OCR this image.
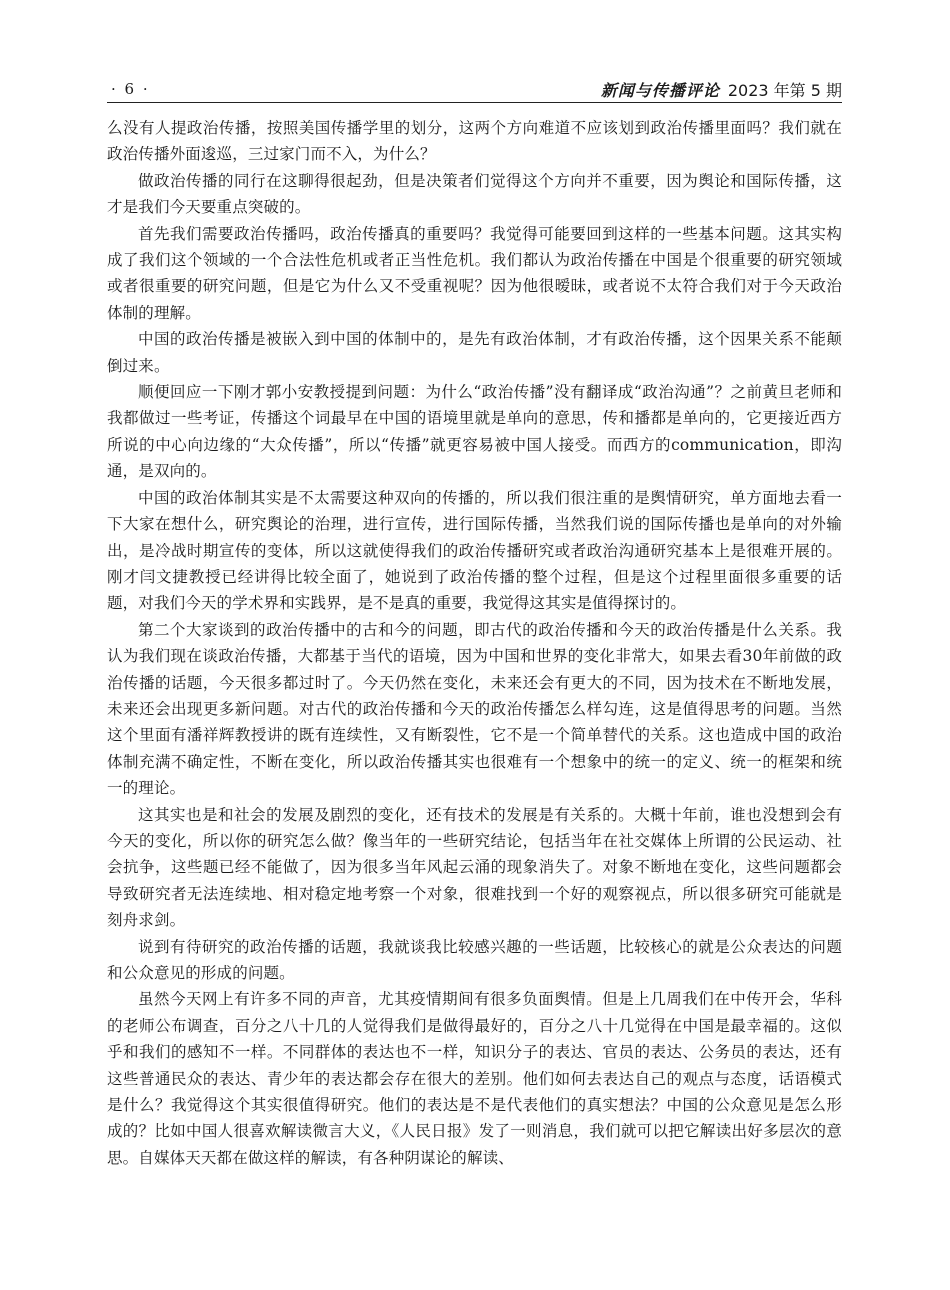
· 6 ·	新闻与传播评论 2023 年第 5 期

么没有人提政治传播，按照美国传播学里的划分，这两个方向难道不应该划到政治传播里面吗？我们就在政治传播外面逡巡，三过家门而不入，为什么？

做政治传播的同行在这聊得很起劲，但是决策者们觉得这个方向并不重要，因为舆论和国际传播，这才是我们今天要重点突破的。

首先我们需要政治传播吗，政治传播真的重要吗？我觉得可能要回到这样的一些基本问题。这其实构成了我们这个领域的一个合法性危机或者正当性危机。我们都认为政治传播在中国是个很重要的研究领域或者很重要的研究问题，但是它为什么又不受重视呢？因为他很暧昧，或者说不太符合我们对于今天政治体制的理解。

中国的政治传播是被嵌入到中国的体制中的，是先有政治体制，才有政治传播，这个因果关系不能颠倒过来。

顺便回应一下刚才郭小安教授提到问题：为什么“政治传播”没有翻译成“政治沟通”？之前黄旦老师和我都做过一些考证，传播这个词最早在中国的语境里就是单向的意思，传和播都是单向的，它更接近西方所说的中心向边缘的“大众传播”，所以“传播”就更容易被中国人接受。而西方的communication，即沟通，是双向的。

中国的政治体制其实是不太需要这种双向的传播的，所以我们很注重的是舆情研究，单方面地去看一下大家在想什么，研究舆论的治理，进行宣传，进行国际传播，当然我们说的国际传播也是单向的对外输出，是冷战时期宣传的变体，所以这就使得我们的政治传播研究或者政治沟通研究基本上是很难开展的。刚才闫文捷教授已经讲得比较全面了，她说到了政治传播的整个过程，但是这个过程里面很多重要的话题，对我们今天的学术界和实践界，是不是真的重要，我觉得这其实是值得探讨的。

第二个大家谈到的政治传播中的古和今的问题，即古代的政治传播和今天的政治传播是什么关系。我认为我们现在谈政治传播，大都基于当代的语境，因为中国和世界的变化非常大，如果去看30年前做的政治传播的话题，今天很多都过时了。今天仍然在变化，未来还会有更大的不同，因为技术在不断地发展，未来还会出现更多新问题。对古代的政治传播和今天的政治传播怎么样勾连，这是值得思考的问题。当然这个里面有潘祥辉教授讲的既有连续性，又有断裂性，它不是一个简单替代的关系。这也造成中国的政治体制充满不确定性，不断在变化，所以政治传播其实也很难有一个想象中的统一的定义、统一的框架和统一的理论。

这其实也是和社会的发展及剧烈的变化，还有技术的发展是有关系的。大概十年前，谁也没想到会有今天的变化，所以你的研究怎么做？像当年的一些研究结论，包括当年在社交媒体上所谓的公民运动、社会抗争，这些题已经不能做了，因为很多当年风起云涌的现象消失了。对象不断地在变化，这些问题都会导致研究者无法连续地、相对稳定地考察一个对象，很难找到一个好的观察视点，所以很多研究可能就是刻舟求剑。

说到有待研究的政治传播的话题，我就谈我比较感兴趣的一些话题，比较核心的就是公众表达的问题和公众意见的形成的问题。

虽然今天网上有许多不同的声音，尤其疫情期间有很多负面舆情。但是上几周我们在中传开会，华科的老师公布调查，百分之八十几的人觉得我们是做得最好的，百分之八十几觉得在中国是最幸福的。这似乎和我们的感知不一样。不同群体的表达也不一样，知识分子的表达、官员的表达、公务员的表达，还有这些普通民众的表达、青少年的表达都会存在很大的差别。他们如何去表达自己的观点与态度，话语模式是什么？我觉得这个其实很值得研究。他们的表达是不是代表他们的真实想法？中国的公众意见是怎么形成的？比如中国人很喜欢解读微言大义，《人民日报》发了一则消息，我们就可以把它解读出好多层次的意思。自媒体天天都在做这样的解读，有各种阴谋论的解读、
